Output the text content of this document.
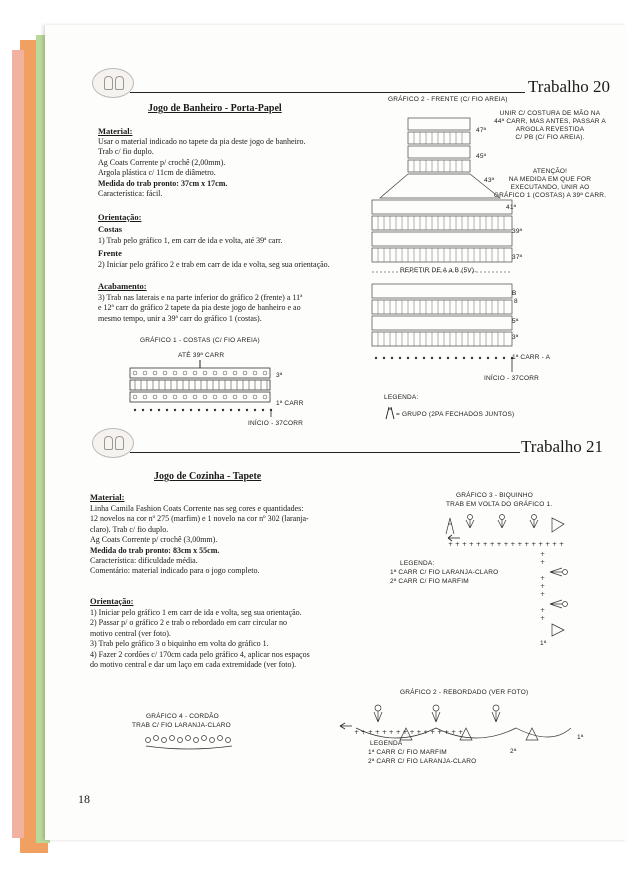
Trabalho 20
Jogo de Banheiro - Porta-Papel
Material:
Usar o material indicado no tapete da pia deste jogo de banheiro.
Trab c/ fio duplo.
Ag Coats Corrente p/ crochê (2,00mm).
Argola plástica c/ 11cm de diâmetro.
Medida do trab pronto: 37cm x 17cm.
Característica: fácil.
Orientação:
Costas
1) Trab pelo gráfico 1, em carr de ida e volta, até 39ª carr.
Frente
2) Iniciar pelo gráfico 2 e trab em carr de ida e volta, seg sua orientação.
Acabamento:
3) Trab nas laterais e na parte inferior do gráfico 2 (frente) a 11ª
e 12ª carr do gráfico 2 tapete da pia deste jogo de banheiro e ao
mesmo tempo, unir a 39ª carr do gráfico 1 (costas).
GRÁFICO 1 - COSTAS (C/ FIO AREIA)
ATÉ 39ª CARR
3ª
1ª CARR
INÍCIO - 37CORR
GRÁFICO 2 - FRENTE (C/ FIO AREIA)
UNIR C/ COSTURA DE MÃO NA
44ª CARR, MAS ANTES, PASSAR A
ARGOLA REVESTIDA
C/ PB (C/ FIO AREIA).
ATENÇÃO!
NA MEDIDA EM QUE FOR
EXECUTANDO, UNIR AO
GRÁFICO 1 (COSTAS) A 39ª CARR.
47ª
45ª
43ª
41ª
39ª
37ª
B
8
5ª
3ª
REPETIR DE A a B (5V).
1ª CARR - A
INÍCIO - 37CORR
LEGENDA:
= GRUPO (2PA FECHADOS JUNTOS)
Trabalho 21
Jogo de Cozinha - Tapete
Material:
Linha Camila Fashion Coats Corrente nas seg cores e quantidades:
12 novelos na cor nº 275 (marfim) e 1 novelo na cor nº 302 (laranja-
claro). Trab c/ fio duplo.
Ag Coats Corrente p/ crochê (3,00mm).
Medida do trab pronto: 83cm x 55cm.
Característica: dificuldade média.
Comentário: material indicado para o jogo completo.
Orientação:
1) Iniciar pelo gráfico 1 em carr de ida e volta, seg sua orientação.
2) Passar p/ o gráfico 2 e trab o rebordado em carr circular no
motivo central (ver foto).
3) Trab pelo gráfico 3 o biquinho em volta do gráfico 1.
4) Fazer 2 cordões c/ 170cm cada pelo gráfico 4, aplicar nos espaços
do motivo central e dar um laço em cada extremidade (ver foto).
GRÁFICO 3 - BIQUINHO
TRAB EM VOLTA DO GRÁFICO 1.
+ + + + + + + + + + + + + + + + +
+
+
+
+
+
+
+
LEGENDA:
1ª CARR C/ FIO LARANJA-CLARO
2ª CARR C/ FIO MARFIM
1ª
GRÁFICO 2 - REBORDADO (VER FOTO)
+ + + + + + + + + + + + + + + +
1ª
2ª
LEGENDA
1ª CARR C/ FIO MARFIM
2ª CARR C/ FIO LARANJA-CLARO
GRÁFICO 4 - CORDÃO
TRAB C/ FIO LARANJA-CLARO
18
